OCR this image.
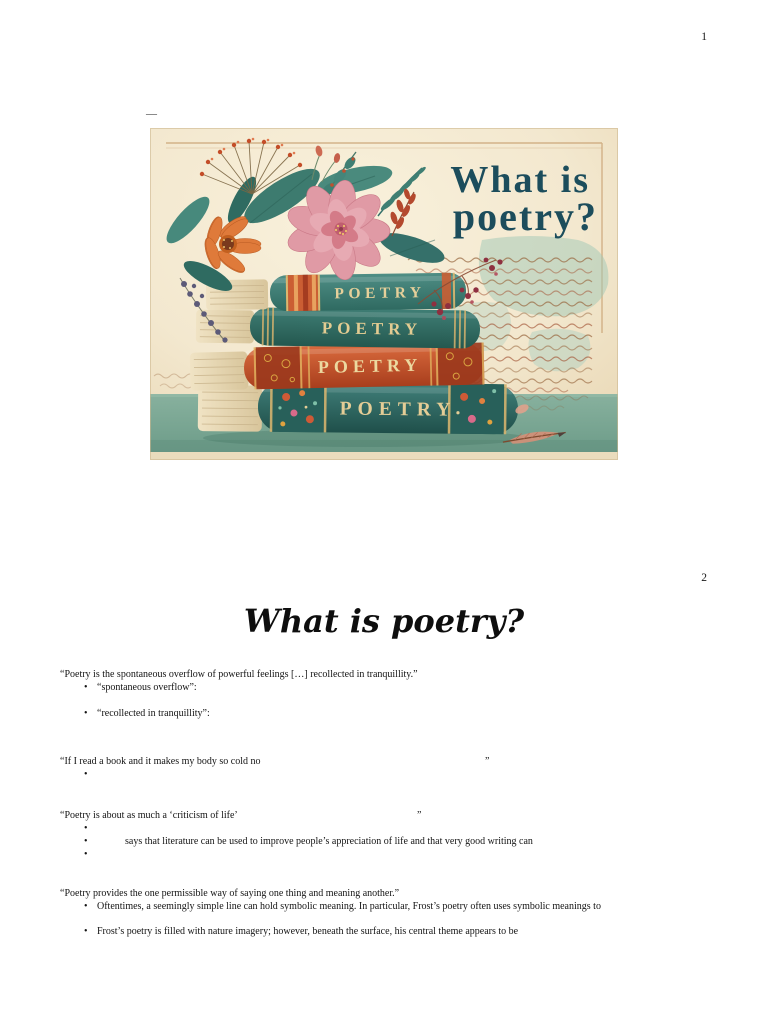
1
—
POETRY
POETRY
POETRY
POETRY
What is
poetry?
2
What is poetry?
“Poetry is the spontaneous overflow of powerful feelings […] recollected in tranquillity.”
• “spontaneous overflow”:
• “recollected in tranquillity”:
“If I read a book and it makes my body so cold no	”
•
“Poetry is about as much a ‘criticism of life’	”
•
•	says that literature can be used to improve people’s appreciation of life and that very good writing can
•
“Poetry provides the one permissible way of saying one thing and meaning another.”
• Oftentimes, a seemingly simple line can hold symbolic meaning. In particular, Frost’s poetry often uses symbolic meanings to
• Frost’s poetry is filled with nature imagery; however, beneath the surface, his central theme appears to be
